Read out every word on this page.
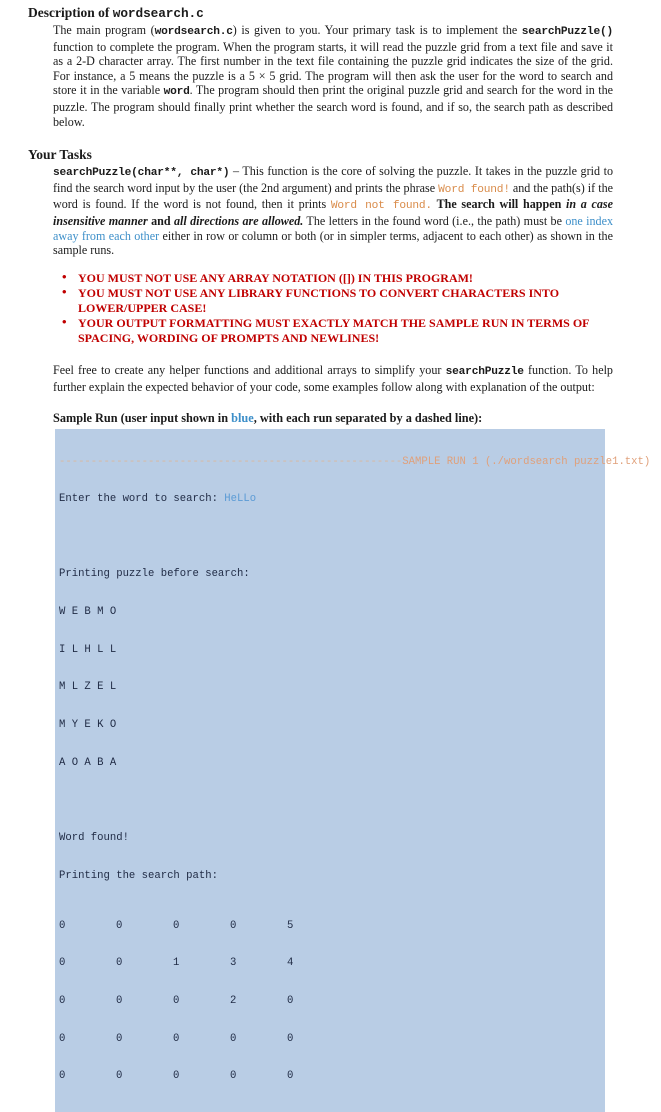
Description of wordsearch.c

The main program (wordsearch.c) is given to you. Your primary task is to implement the searchPuzzle() function to complete the program. When the program starts, it will read the puzzle grid from a text file and save it as a 2-D character array. The first number in the text file containing the puzzle grid indicates the size of the grid. For instance, a 5 means the puzzle is a 5 × 5 grid. The program will then ask the user for the word to search and store it in the variable word. The program should then print the original puzzle grid and search for the word in the puzzle. The program should finally print whether the search word is found, and if so, the search path as described below.

Your Tasks

searchPuzzle(char**, char*) – This function is the core of solving the puzzle. It takes in the puzzle grid to find the search word input by the user (the 2nd argument) and prints the phrase Word found! and the path(s) if the word is found. If the word is not found, then it prints Word not found. The search will happen in a case insensitive manner and all directions are allowed. The letters in the found word (i.e., the path) must be one index away from each other either in row or column or both (or in simpler terms, adjacent to each other) as shown in the sample runs.

• YOU MUST NOT USE ANY ARRAY NOTATION ([]) IN THIS PROGRAM!
• YOU MUST NOT USE ANY LIBRARY FUNCTIONS TO CONVERT CHARACTERS INTO LOWER/UPPER CASE!
• YOUR OUTPUT FORMATTING MUST EXACTLY MATCH THE SAMPLE RUN IN TERMS OF SPACING, WORDING OF PROMPTS AND NEWLINES!

Feel free to create any helper functions and additional arrays to simplify your searchPuzzle function. To help further explain the expected behavior of your code, some examples follow along with explanation of the output:

Sample Run (user input shown in blue, with each run separated by a dashed line):

------------------------------------------------------SAMPLE RUN 1 (./wordsearch puzzle1.txt)

Enter the word to search: HeLLo

Printing puzzle before search:

W E B M O

I L H L L

M L Z E L

M Y E K O

A O A B A

Word found!

Printing the search path:

0	0	0	0	5

0	0	1	3	4

0	0	0	2	0

0	0	0	0	0

0	0	0	0	0
